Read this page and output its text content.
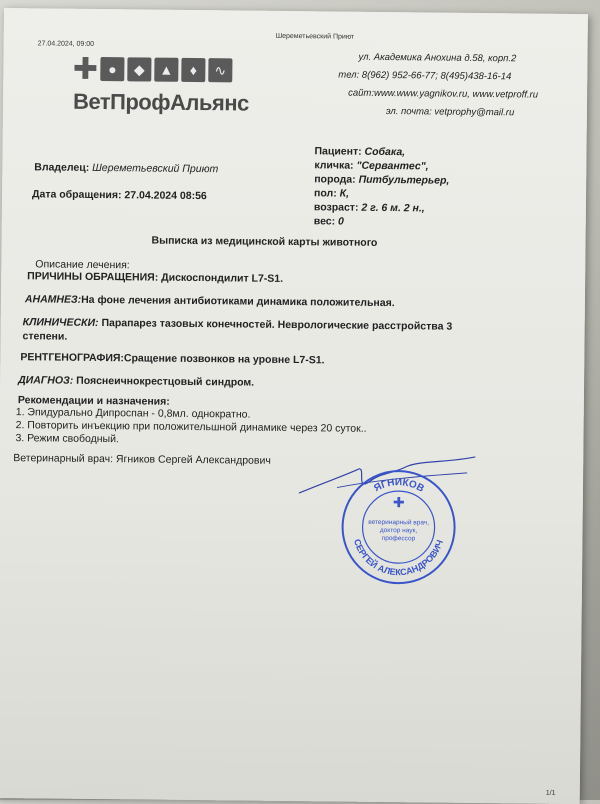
27.04.2024, 09:00
Шереметьевский Приют
✚ ●	◆	▲	♦	∿
ВетПрофАльянс
ул. Академика Анохина д.58, корп.2
тел: 8(962) 952-66-77; 8(495)438-16-14
сайт:www.www.yagnikov.ru, www.vetproff.ru
эл. почта: vetprophy@mail.ru
Владелец: Шереметьевский Приют
Дата обращения: 27.04.2024 08:56
Пациент: Собака,
кличка: "Сервантес",
порода: Питбультерьер,
пол: К,
возраст: 2 г. 6 м. 2 н.,
вес: 0
Выписка из медицинской карты животного
Описание лечения:
ПРИЧИНЫ ОБРАЩЕНИЯ: Дискоспондилит L7-S1.
АНАМНЕЗ:На фоне лечения антибиотиками динамика положительная.
КЛИНИЧЕСКИ: Парапарез тазовых конечностей. Неврологические расстройства 3
степени.
РЕНТГЕНОГРАФИЯ:Сращение позвонков на уровне L7-S1.
ДИАГНОЗ: Пояснеичнокрестцовый синдром.
Рекомендации и назначения:
1. Эпидурально Дипроспан - 0,8мл. однократно.
2. Повторить инъекцию при положительшной динамике через 20 суток..
3. Режим свободный.
Ветеринарный врач: Ягников Сергей Александрович
ЯГНИКОВ
СЕРГЕЙ АЛЕКСАНДРОВИЧ
✚
ветеринарный врач,
доктор наук,
профессор
1/1
